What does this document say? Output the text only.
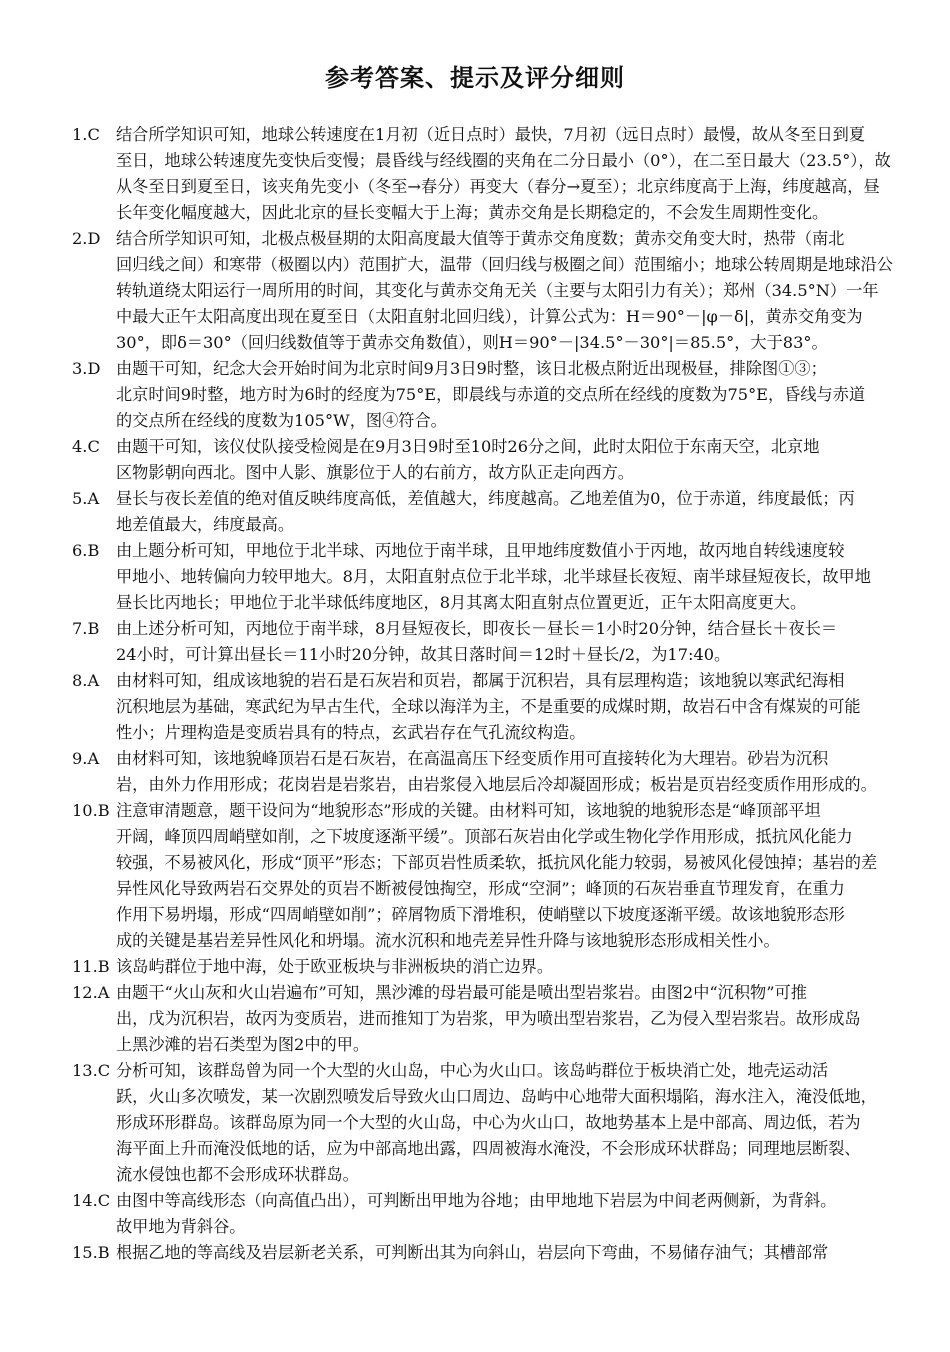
参考答案、提示及评分细则
1.C 结合所学知识可知，地球公转速度在1月初（近日点时）最快，7月初（远日点时）最慢，故从冬至日到夏
至日，地球公转速度先变快后变慢；晨昏线与经线圈的夹角在二分日最小（0°），在二至日最大（23.5°），故
从冬至日到夏至日，该夹角先变小（冬至→春分）再变大（春分→夏至）；北京纬度高于上海，纬度越高，昼
长年变化幅度越大，因此北京的昼长变幅大于上海；黄赤交角是长期稳定的，不会发生周期性变化。
2.D 结合所学知识可知，北极点极昼期的太阳高度最大值等于黄赤交角度数；黄赤交角变大时，热带（南北
回归线之间）和寒带（极圈以内）范围扩大，温带（回归线与极圈之间）范围缩小；地球公转周期是地球沿公
转轨道绕太阳运行一周所用的时间，其变化与黄赤交角无关（主要与太阳引力有关）；郑州（34.5°N）一年
中最大正午太阳高度出现在夏至日（太阳直射北回归线），计算公式为：H＝90°－|φ－δ|，黄赤交角变为
30°，即δ＝30°（回归线数值等于黄赤交角数值），则H＝90°－|34.5°－30°|＝85.5°，大于83°。
3.D 由题干可知，纪念大会开始时间为北京时间9月3日9时整，该日北极点附近出现极昼，排除图①③；
北京时间9时整，地方时为6时的经度为75°E，即晨线与赤道的交点所在经线的度数为75°E，昏线与赤道
的交点所在经线的度数为105°W，图④符合。
4.C 由题干可知，该仪仗队接受检阅是在9月3日9时至10时26分之间，此时太阳位于东南天空，北京地
区物影朝向西北。图中人影、旗影位于人的右前方，故方队正走向西方。
5.A 昼长与夜长差值的绝对值反映纬度高低，差值越大，纬度越高。乙地差值为0，位于赤道，纬度最低；丙
地差值最大，纬度最高。
6.B 由上题分析可知，甲地位于北半球、丙地位于南半球，且甲地纬度数值小于丙地，故丙地自转线速度较
甲地小、地转偏向力较甲地大。8月，太阳直射点位于北半球，北半球昼长夜短、南半球昼短夜长，故甲地
昼长比丙地长；甲地位于北半球低纬度地区，8月其离太阳直射点位置更近，正午太阳高度更大。
7.B 由上述分析可知，丙地位于南半球，8月昼短夜长，即夜长－昼长＝1小时20分钟，结合昼长＋夜长＝
24小时，可计算出昼长＝11小时20分钟，故其日落时间＝12时＋昼长/2，为17:40。
8.A 由材料可知，组成该地貌的岩石是石灰岩和页岩，都属于沉积岩，具有层理构造；该地貌以寒武纪海相
沉积地层为基础，寒武纪为早古生代，全球以海洋为主，不是重要的成煤时期，故岩石中含有煤炭的可能
性小；片理构造是变质岩具有的特点，玄武岩存在气孔流纹构造。
9.A 由材料可知，该地貌峰顶岩石是石灰岩，在高温高压下经变质作用可直接转化为大理岩。砂岩为沉积
岩，由外力作用形成；花岗岩是岩浆岩，由岩浆侵入地层后冷却凝固形成；板岩是页岩经变质作用形成的。
10.B 注意审清题意，题干设问为“地貌形态”形成的关键。由材料可知，该地貌的地貌形态是“峰顶部平坦
开阔，峰顶四周峭壁如削，之下坡度逐渐平缓”。顶部石灰岩由化学或生物化学作用形成，抵抗风化能力
较强，不易被风化，形成“顶平”形态；下部页岩性质柔软，抵抗风化能力较弱，易被风化侵蚀掉；基岩的差
异性风化导致两岩石交界处的页岩不断被侵蚀掏空，形成“空洞”；峰顶的石灰岩垂直节理发育，在重力
作用下易坍塌，形成“四周峭壁如削”；碎屑物质下滑堆积，使峭壁以下坡度逐渐平缓。故该地貌形态形
成的关键是基岩差异性风化和坍塌。流水沉积和地壳差异性升降与该地貌形态形成相关性小。
11.B 该岛屿群位于地中海，处于欧亚板块与非洲板块的消亡边界。
12.A 由题干“火山灰和火山岩遍布”可知，黑沙滩的母岩最可能是喷出型岩浆岩。由图2中“沉积物”可推
出，戊为沉积岩，故丙为变质岩，进而推知丁为岩浆，甲为喷出型岩浆岩，乙为侵入型岩浆岩。故形成岛
上黑沙滩的岩石类型为图2中的甲。
13.C 分析可知，该群岛曾为同一个大型的火山岛，中心为火山口。该岛屿群位于板块消亡处，地壳运动活
跃，火山多次喷发，某一次剧烈喷发后导致火山口周边、岛屿中心地带大面积塌陷，海水注入，淹没低地，
形成环形群岛。该群岛原为同一个大型的火山岛，中心为火山口，故地势基本上是中部高、周边低，若为
海平面上升而淹没低地的话，应为中部高地出露，四周被海水淹没，不会形成环状群岛；同理地层断裂、
流水侵蚀也都不会形成环状群岛。
14.C 由图中等高线形态（向高值凸出），可判断出甲地为谷地；由甲地地下岩层为中间老两侧新，为背斜。
故甲地为背斜谷。
15.B 根据乙地的等高线及岩层新老关系，可判断出其为向斜山，岩层向下弯曲，不易储存油气；其槽部常
